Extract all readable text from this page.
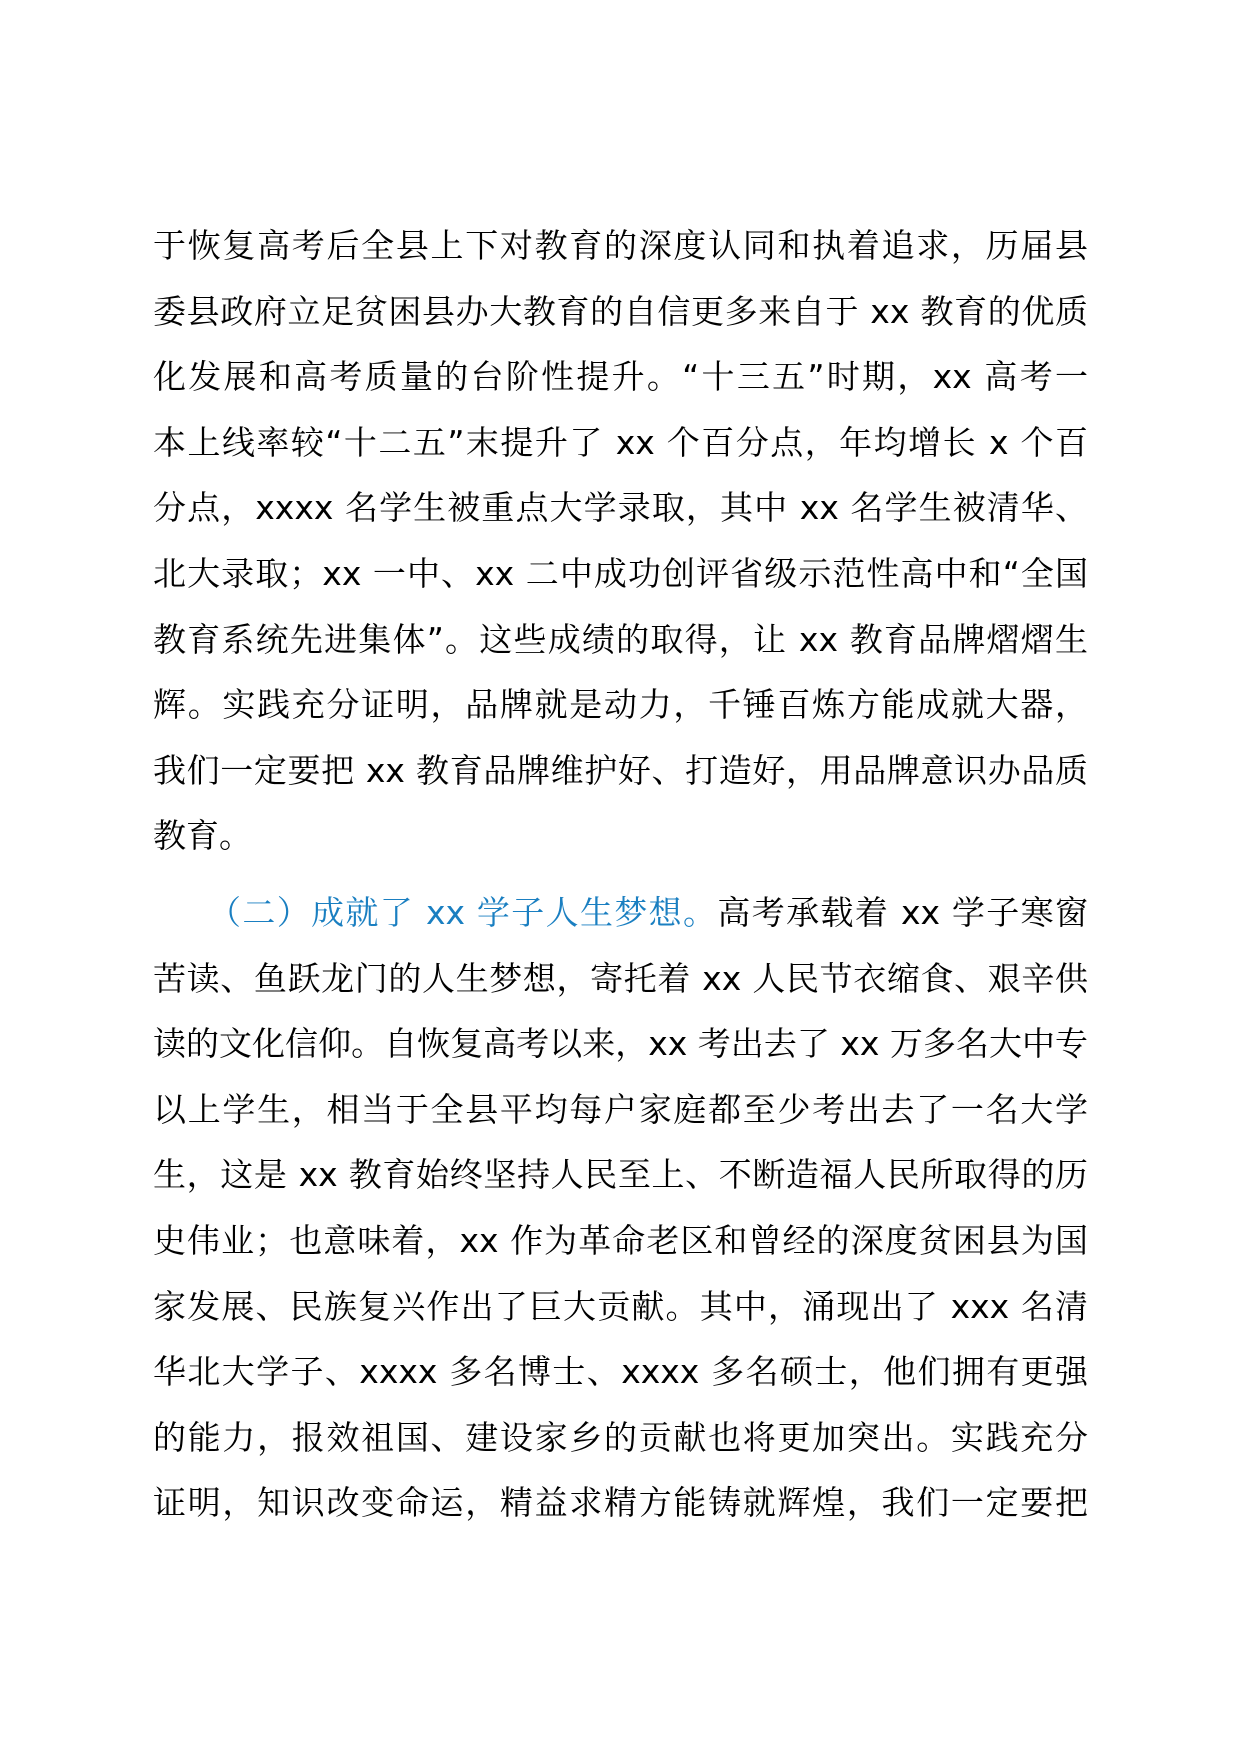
于恢复高考后全县上下对教育的深度认同和执着追求，历届县
委县政府立足贫困县办大教育的自信更多来自于 xx 教育的优质
化发展和高考质量的台阶性提升。“十三五”时期，xx 高考一
本上线率较“十二五”末提升了 xx 个百分点，年均增长 x 个百
分点，xxxx 名学生被重点大学录取，其中 xx 名学生被清华、
北大录取；xx 一中、xx 二中成功创评省级示范性高中和“全国
教育系统先进集体”。这些成绩的取得，让 xx 教育品牌熠熠生
辉。实践充分证明，品牌就是动力，千锤百炼方能成就大器，
我们一定要把 xx 教育品牌维护好、打造好，用品牌意识办品质
教育。
（二）成就了 xx 学子人生梦想。高考承载着 xx 学子寒窗
苦读、鱼跃龙门的人生梦想，寄托着 xx 人民节衣缩食、艰辛供
读的文化信仰。自恢复高考以来，xx 考出去了 xx 万多名大中专
以上学生，相当于全县平均每户家庭都至少考出去了一名大学
生，这是 xx 教育始终坚持人民至上、不断造福人民所取得的历
史伟业；也意味着，xx 作为革命老区和曾经的深度贫困县为国
家发展、民族复兴作出了巨大贡献。其中，涌现出了 xxx 名清
华北大学子、xxxx 多名博士、xxxx 多名硕士，他们拥有更强
的能力，报效祖国、建设家乡的贡献也将更加突出。实践充分
证明，知识改变命运，精益求精方能铸就辉煌，我们一定要把
